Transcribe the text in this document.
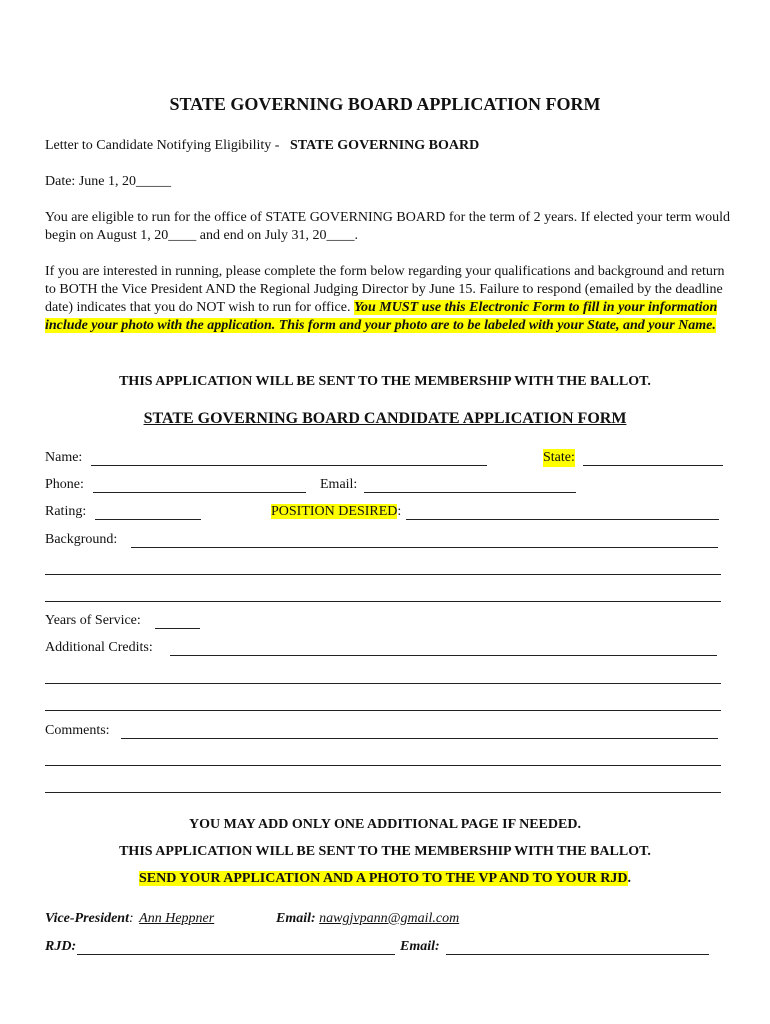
STATE GOVERNING BOARD APPLICATION FORM
Letter to Candidate Notifying Eligibility - STATE GOVERNING BOARD
Date: June 1, 20_____
You are eligible to run for the office of STATE GOVERNING BOARD for the term of 2 years. If elected your term would begin on August 1, 20____ and end on July 31, 20____.
If you are interested in running, please complete the form below regarding your qualifications and background and return to BOTH the Vice President AND the Regional Judging Director by June 15. Failure to respond (emailed by the deadline date) indicates that you do NOT wish to run for office. You MUST use this Electronic Form to fill in your information include your photo with the application. This form and your photo are to be labeled with your State, and your Name.
THIS APPLICATION WILL BE SENT TO THE MEMBERSHIP WITH THE BALLOT.
STATE GOVERNING BOARD CANDIDATE APPLICATION FORM
Name:	State:
Phone:	Email:
Rating:	POSITION DESIRED:
Background:
Years of Service:
Additional Credits:
Comments:
YOU MAY ADD ONLY ONE ADDITIONAL PAGE IF NEEDED.
THIS APPLICATION WILL BE SENT TO THE MEMBERSHIP WITH THE BALLOT.
SEND YOUR APPLICATION AND A PHOTO TO THE VP AND TO YOUR RJD.
Vice-President: Ann Heppner	Email: nawgjvpann@gmail.com
RJD:	Email:
